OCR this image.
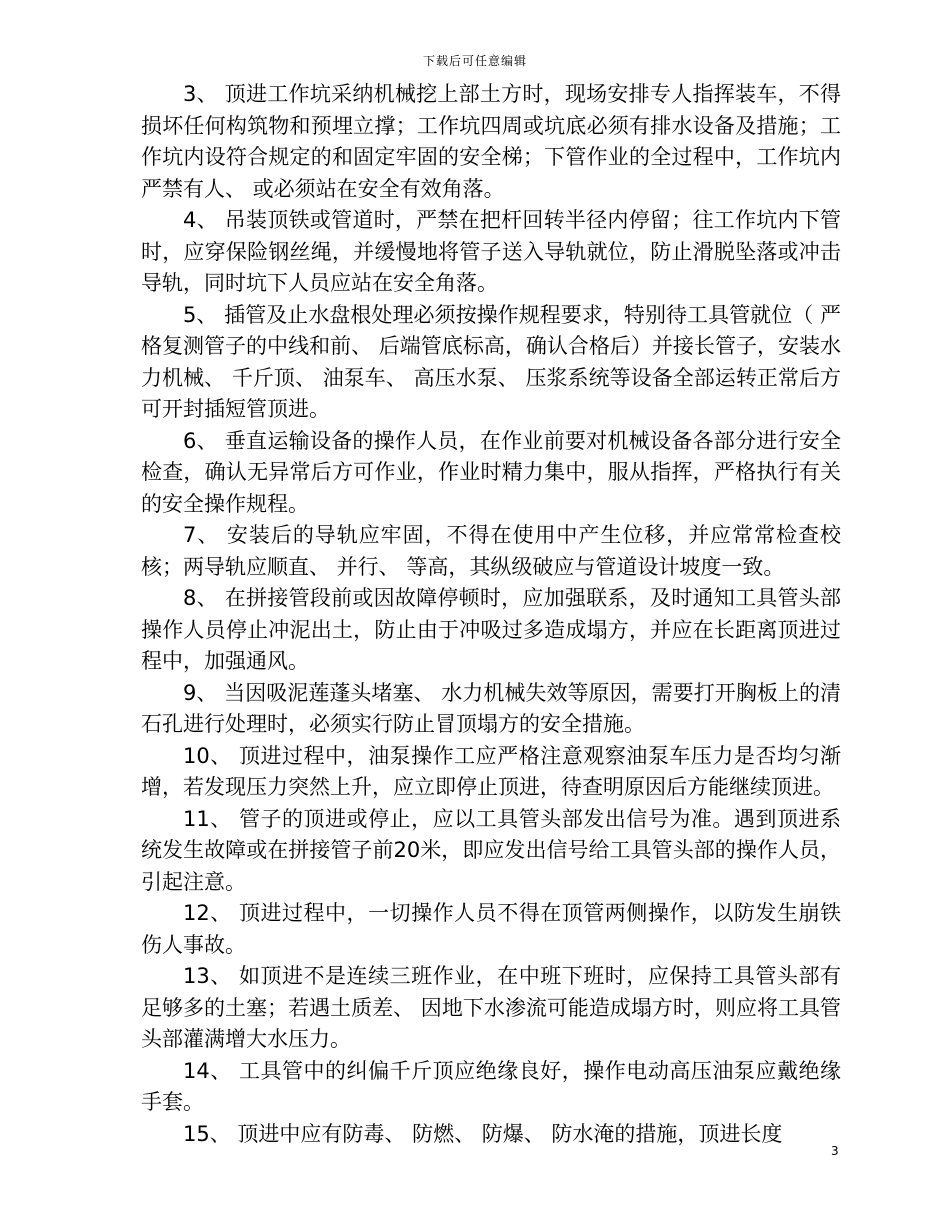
下载后可任意编辑

3、 顶进工作坑采纳机械挖上部土方时，现场安排专人指挥装车，不得损坏任何构筑物和预埋立撑；工作坑四周或坑底必须有排水设备及措施；工作坑内设符合规定的和固定牢固的安全梯；下管作业的全过程中，工作坑内严禁有人、 或必须站在安全有效角落。

4、 吊装顶铁或管道时，严禁在把杆回转半径内停留；往工作坑内下管时，应穿保险钢丝绳，并缓慢地将管子送入导轨就位，防止滑脱坠落或冲击导轨，同时坑下人员应站在安全角落。

5、 插管及止水盘根处理必须按操作规程要求，特别待工具管就位（ 严格复测管子的中线和前、 后端管底标高，确认合格后）并接长管子，安装水力机械、 千斤顶、 油泵车、 高压水泵、 压浆系统等设备全部运转正常后方可开封插短管顶进。

6、 垂直运输设备的操作人员，在作业前要对机械设备各部分进行安全检查，确认无异常后方可作业，作业时精力集中，服从指挥，严格执行有关的安全操作规程。

7、 安装后的导轨应牢固，不得在使用中产生位移，并应常常检查校核；两导轨应顺直、 并行、 等高，其纵级破应与管道设计坡度一致。

8、 在拼接管段前或因故障停顿时，应加强联系，及时通知工具管头部操作人员停止冲泥出土，防止由于冲吸过多造成塌方，并应在长距离顶进过程中，加强通风。

9、 当因吸泥莲蓬头堵塞、 水力机械失效等原因，需要打开胸板上的清石孔进行处理时，必须实行防止冒顶塌方的安全措施。

10、 顶进过程中，油泵操作工应严格注意观察油泵车压力是否均匀渐增，若发现压力突然上升，应立即停止顶进，待查明原因后方能继续顶进。

11、 管子的顶进或停止，应以工具管头部发出信号为准。遇到顶进系统发生故障或在拼接管子前20米，即应发出信号给工具管头部的操作人员，引起注意。

12、 顶进过程中，一切操作人员不得在顶管两侧操作，以防发生崩铁伤人事故。

13、 如顶进不是连续三班作业，在中班下班时，应保持工具管头部有足够多的土塞；若遇土质差、 因地下水渗流可能造成塌方时，则应将工具管头部灌满增大水压力。

14、 工具管中的纠偏千斤顶应绝缘良好，操作电动高压油泵应戴绝缘手套。

15、 顶进中应有防毒、 防燃、 防爆、 防水淹的措施，顶进长度

3
